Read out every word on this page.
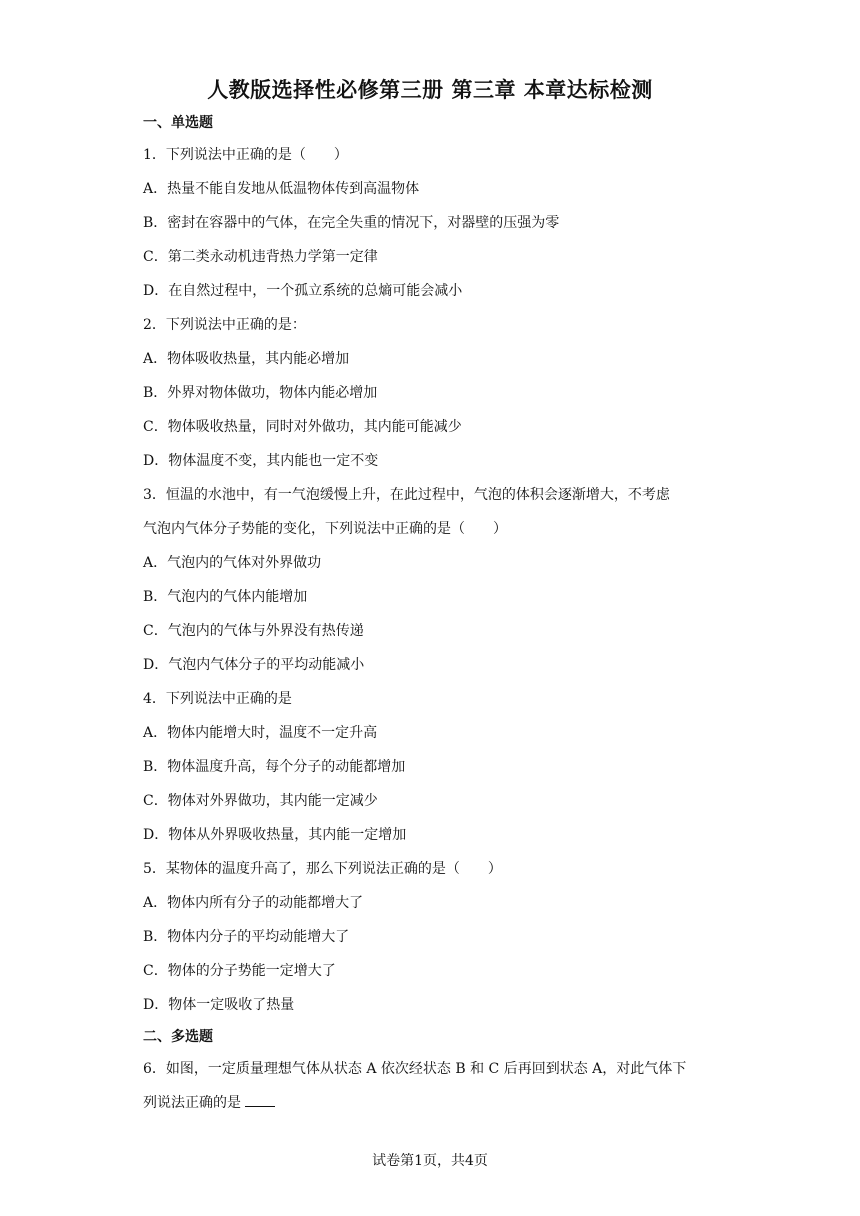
人教版选择性必修第三册 第三章 本章达标检测
一、单选题
1．下列说法中正确的是（　　）
A．热量不能自发地从低温物体传到高温物体
B．密封在容器中的气体，在完全失重的情况下，对器壁的压强为零
C．第二类永动机违背热力学第一定律
D．在自然过程中，一个孤立系统的总熵可能会减小
2．下列说法中正确的是：
A．物体吸收热量，其内能必增加
B．外界对物体做功，物体内能必增加
C．物体吸收热量，同时对外做功，其内能可能减少
D．物体温度不变，其内能也一定不变
3．恒温的水池中，有一气泡缓慢上升，在此过程中，气泡的体积会逐渐增大，不考虑
气泡内气体分子势能的变化，下列说法中正确的是（　　）
A．气泡内的气体对外界做功
B．气泡内的气体内能增加
C．气泡内的气体与外界没有热传递
D．气泡内气体分子的平均动能减小
4．下列说法中正确的是
A．物体内能增大时，温度不一定升高
B．物体温度升高，每个分子的动能都增加
C．物体对外界做功，其内能一定减少
D．物体从外界吸收热量，其内能一定增加
5．某物体的温度升高了，那么下列说法正确的是（　　）
A．物体内所有分子的动能都增大了
B．物体内分子的平均动能增大了
C．物体的分子势能一定增大了
D．物体一定吸收了热量
二、多选题
6．如图，一定质量理想气体从状态 A 依次经状态 B 和 C 后再回到状态 A，对此气体下
列说法正确的是
试卷第1页，共4页
